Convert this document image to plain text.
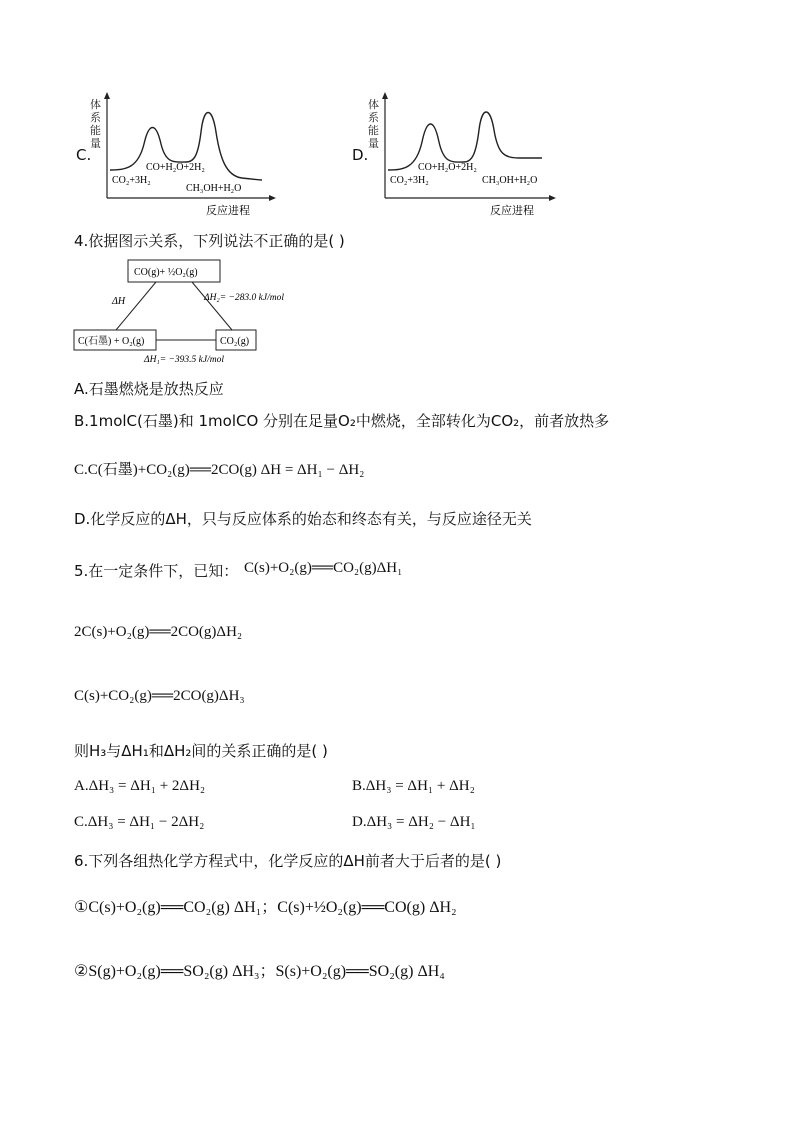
C.
体
系
能
量
CO+H₂O+2H₂
CO₂+3H₂
CH₃OH+H₂O
反应进程
D.
体
系
能
量
CO+H₂O+2H₂
CO₂+3H₂	CH₃OH+H₂O
反应进程
4.依据图示关系，下列说法不正确的是( )
CO(g)+ ½O₂(g)
C(石墨) + O₂(g)	CO₂(g)
ΔH	ΔH₂= −283.0 kJ/mol
ΔH₁= −393.5 kJ/mol
A.石墨燃烧是放热反应
B.1molC(石墨)和 1molCO 分别在足量O₂中燃烧，全部转化为CO₂，前者放热多
C.C(石墨)+CO₂(g)══2CO(g) ΔH = ΔH₁ − ΔH₂
D.化学反应的ΔH，只与反应体系的始态和终态有关，与反应途径无关
5.在一定条件下，已知： C(s)+O₂(g)══CO₂(g)ΔH₁
2C(s)+O₂(g)══2CO(g)ΔH₂
C(s)+CO₂(g)══2CO(g)ΔH₃
则H₃与ΔH₁和ΔH₂间的关系正确的是( )
A.ΔH₃ = ΔH₁ + 2ΔH₂	B.ΔH₃ = ΔH₁ + ΔH₂
C.ΔH₃ = ΔH₁ − 2ΔH₂	D.ΔH₃ = ΔH₂ − ΔH₁
6.下列各组热化学方程式中，化学反应的ΔH前者大于后者的是( )
①C(s)+O₂(g)══CO₂(g) ΔH₁；C(s)+½O₂(g)══CO(g) ΔH₂
②S(g)+O₂(g)══SO₂(g) ΔH₃；S(s)+O₂(g)══SO₂(g) ΔH₄
